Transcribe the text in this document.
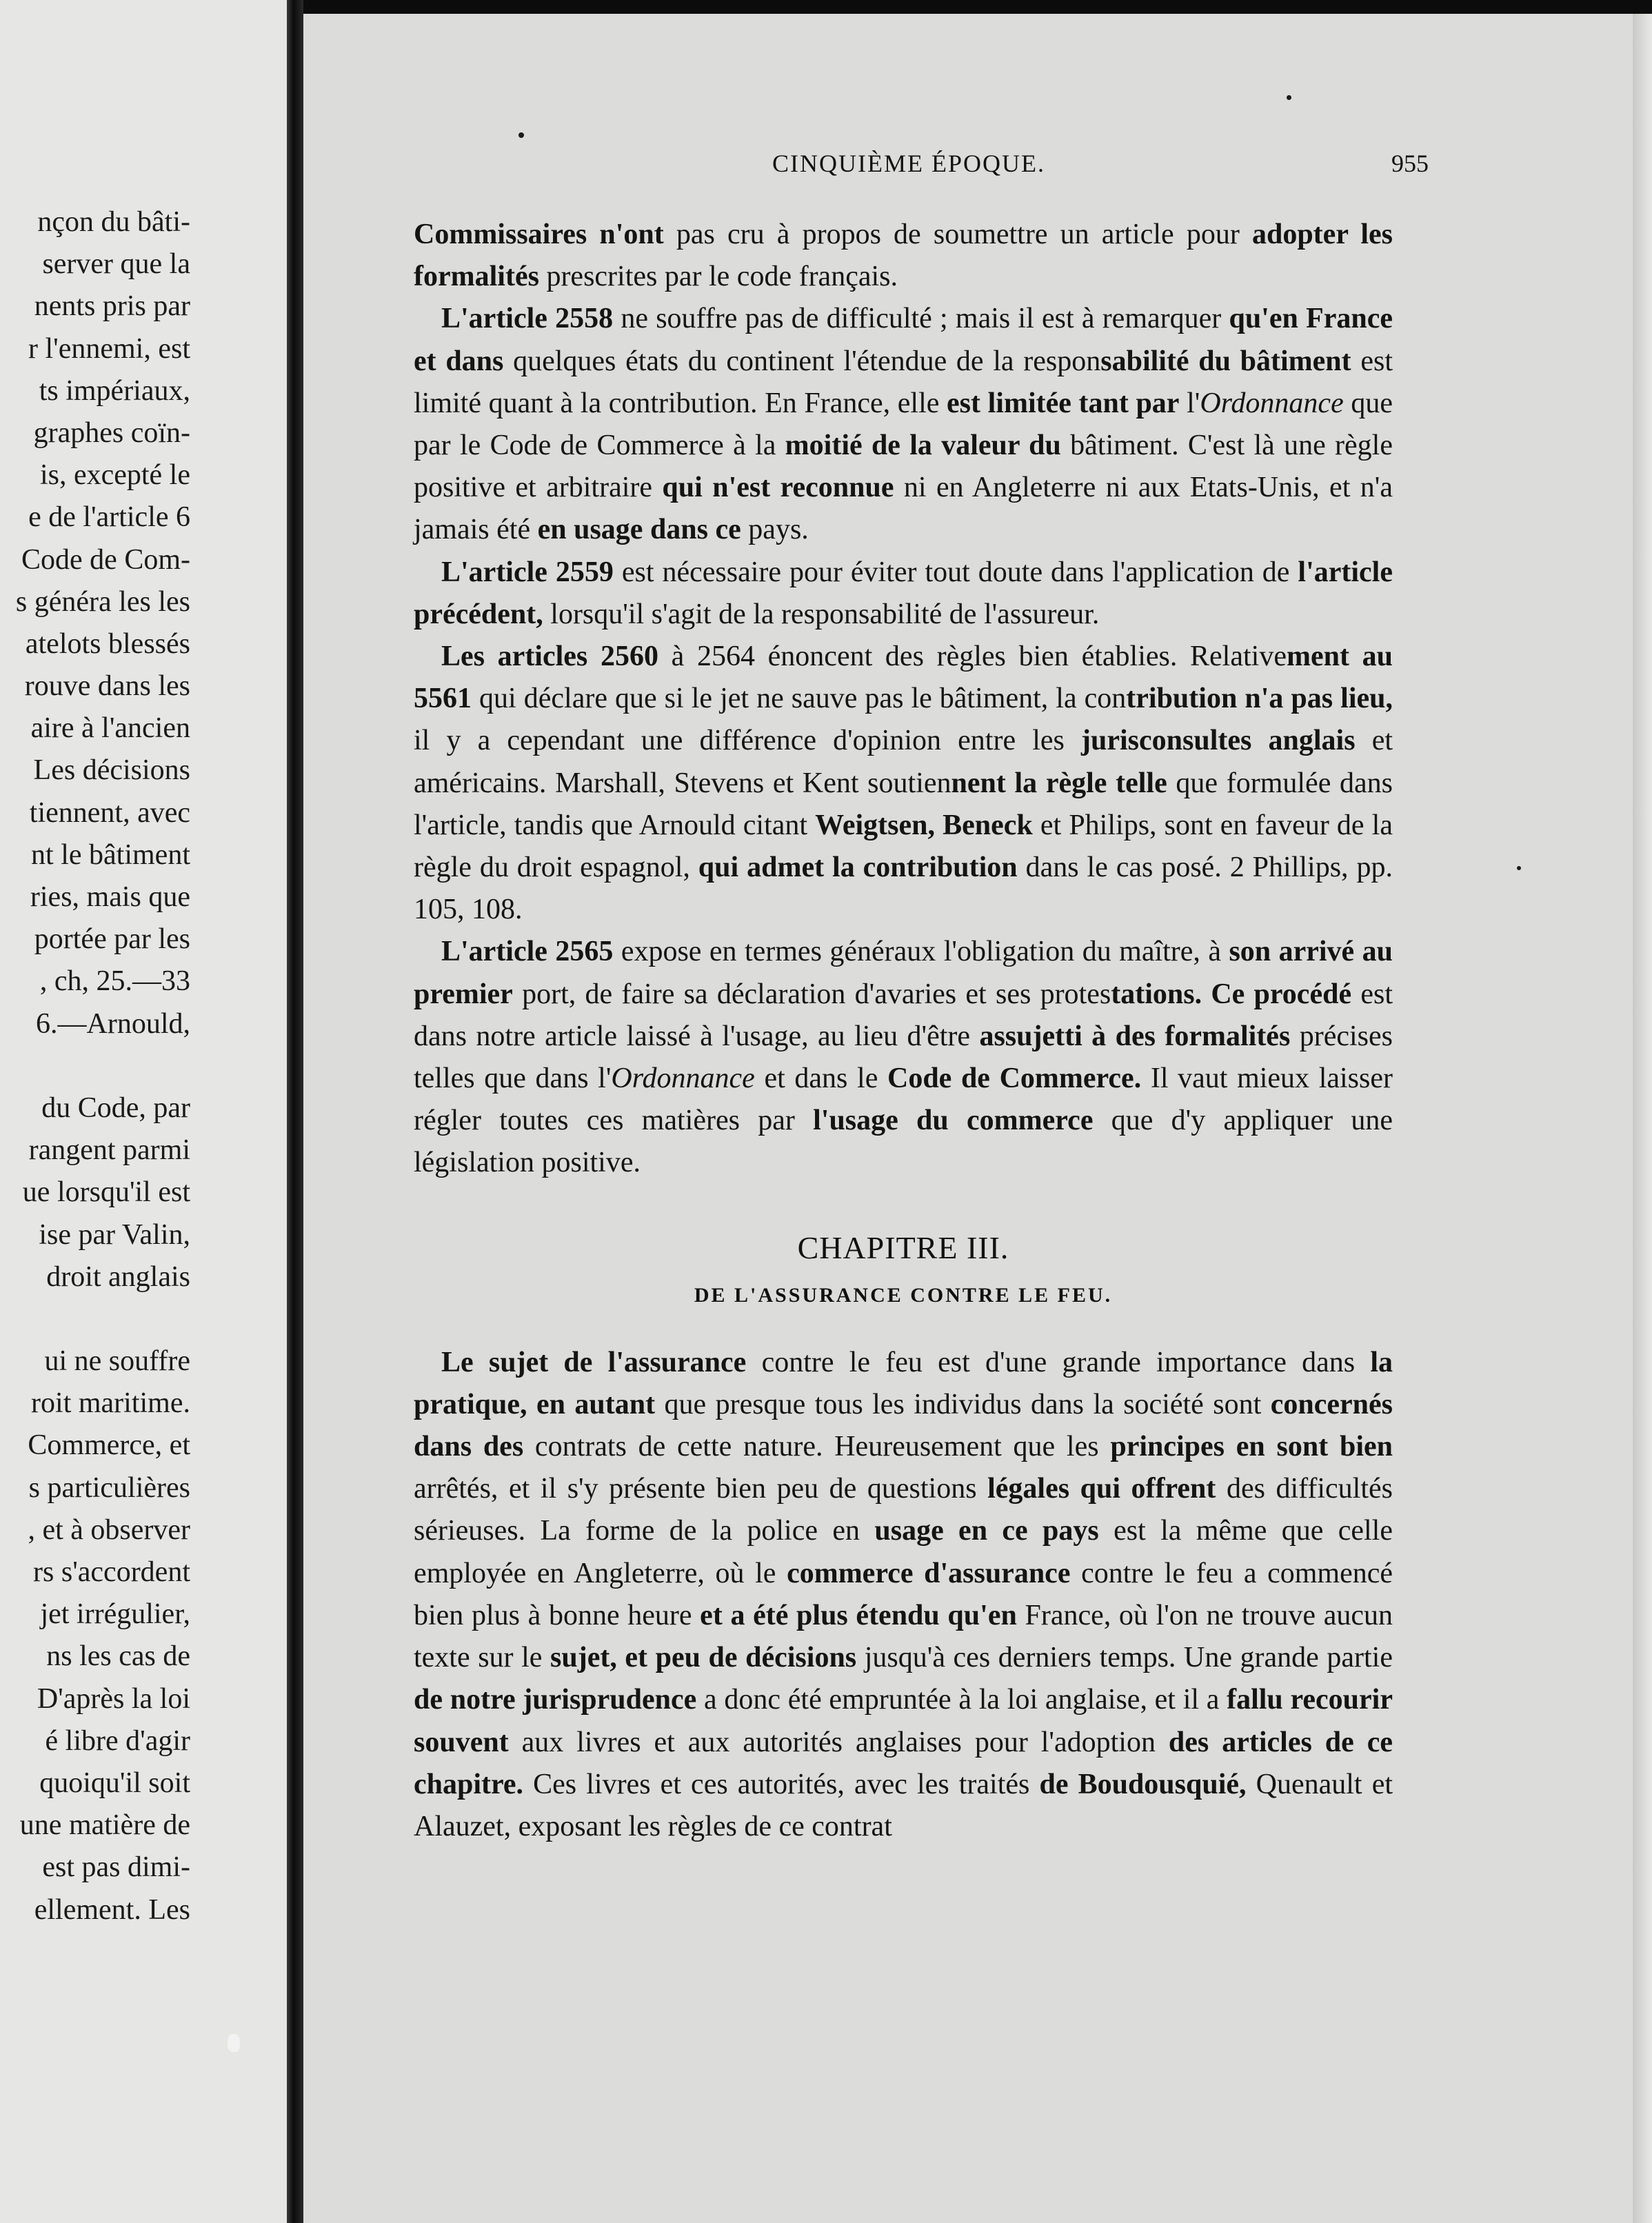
nçon du bâti-
server que la
nents pris par
r l'ennemi, est
ts impériaux,
graphes coïn-
is, excepté le
e de l'article 6
Code de Com-
s généra les les
atelots blessés
rouve dans les
aire à l'ancien
Les décisions
tiennent, avec
nt le bâtiment
ries, mais que
portée par les
, ch, 25.—33
6.—Arnould,
du Code, par
rangent parmi
ue lorsqu'il est
ise par Valin,
droit anglais
ui ne souffre
roit maritime.
Commerce, et
s particulières
, et à observer
rs s'accordent
jet irrégulier,
ns les cas de
D'après la loi
é libre d'agir
quoiqu'il soit
une matière de
est pas dimi-
ellement. Les
CINQUIÈME ÉPOQUE.	955

Commissaires n'ont pas cru à propos de soumettre un article pour adopter les formalités prescrites par le code français.

L'article 2558 ne souffre pas de difficulté ; mais il est à remarquer qu'en France et dans quelques états du continent l'étendue de la responsabilité du bâtiment est limité quant à la contribution. En France, elle est limitée tant par l'Ordonnance que par le Code de Commerce à la moitié de la valeur du bâtiment. C'est là une règle positive et arbitraire qui n'est reconnue ni en Angleterre ni aux Etats-Unis, et n'a jamais été en usage dans ce pays.

L'article 2559 est nécessaire pour éviter tout doute dans l'application de l'article précédent, lorsqu'il s'agit de la responsabilité de l'assureur.

Les articles 2560 à 2564 énoncent des règles bien établies. Relativement au 5561 qui déclare que si le jet ne sauve pas le bâtiment, la contribution n'a pas lieu, il y a cependant une différence d'opinion entre les jurisconsultes anglais et américains. Marshall, Stevens et Kent soutiennent la règle telle que formulée dans l'article, tandis que Arnould citant Weigtsen, Beneck et Philips, sont en faveur de la règle du droit espagnol, qui admet la contribution dans le cas posé. 2 Phillips, pp. 105, 108.

L'article 2565 expose en termes généraux l'obligation du maître, à son arrivé au premier port, de faire sa déclaration d'avaries et ses protestations. Ce procédé est dans notre article laissé à l'usage, au lieu d'être assujetti à des formalités précises telles que dans l'Ordonnance et dans le Code de Commerce. Il vaut mieux laisser régler toutes ces matières par l'usage du commerce que d'y appliquer une législation positive.

CHAPITRE III.
DE L'ASSURANCE CONTRE LE FEU.

Le sujet de l'assurance contre le feu est d'une grande importance dans la pratique, en autant que presque tous les individus dans la société sont concernés dans des contrats de cette nature. Heureusement que les principes en sont bien arrêtés, et il s'y présente bien peu de questions légales qui offrent des difficultés sérieuses. La forme de la police en usage en ce pays est la même que celle employée en Angleterre, où le commerce d'assurance contre le feu a commencé bien plus à bonne heure et a été plus étendu qu'en France, où l'on ne trouve aucun texte sur le sujet, et peu de décisions jusqu'à ces derniers temps. Une grande partie de notre jurisprudence a donc été empruntée à la loi anglaise, et il a fallu recourir souvent aux livres et aux autorités anglaises pour l'adoption des articles de ce chapitre. Ces livres et ces autorités, avec les traités de Boudousquié, Quenault et Alauzet, exposant les règles de ce contrat
